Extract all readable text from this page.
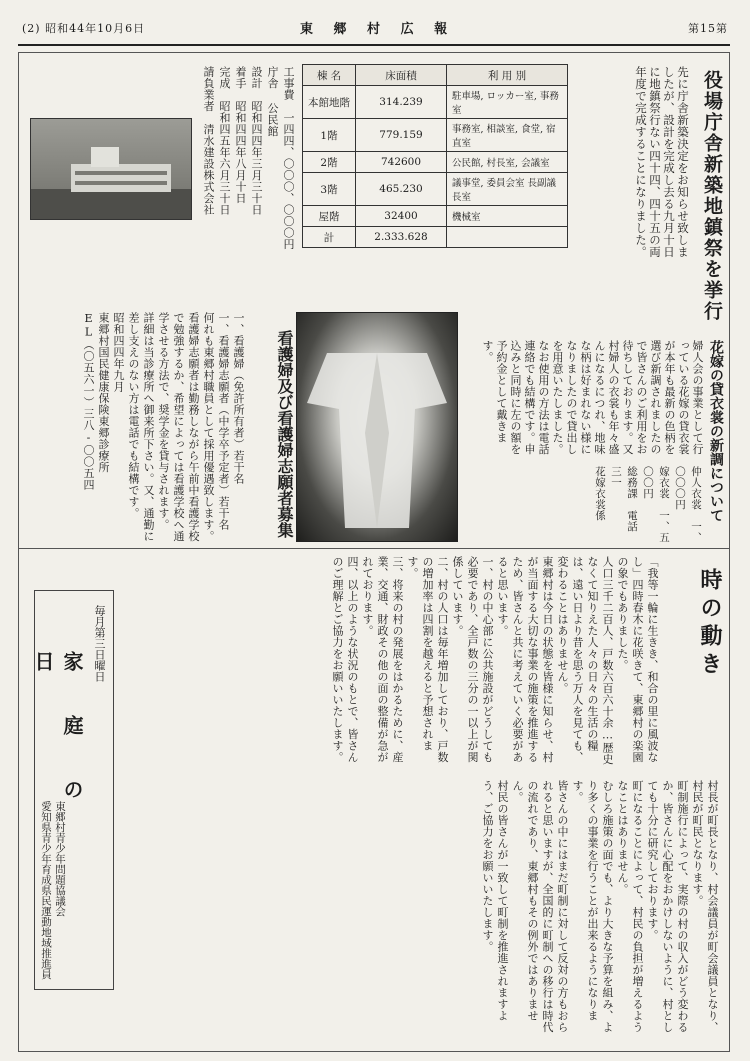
(2) 昭和44年10月6日	東 郷 村 広 報	第15第
役場庁舎新築地鎮祭を挙行
先に庁舎新築決定をお知らせ致しましたが、設計を完成し去る九月十日に地鎮祭行ない四十四、四十五の両年度で完成することになりました。
棟 名	床面積	利 用 別
本館地階	314.239	駐車場, ロッカー室, 事務室
1階	779.159	事務室, 相談室, 食堂, 宿直室
2階	742600	公民館, 村長室, 会議室
3階	465.230	議事堂, 委員会室 長副議長室
屋階	32400	機械室
計	2.333.628	
工事費　一四四、〇〇〇、〇〇〇円
庁舎 公民館
設計　昭和四四年三月三十日
着手　昭和四四年八月十日
完成　昭和四五年六月三十日
請負業者　清水建設株式会社
花嫁の貸衣裳の新調について
婦人会の事業として行っている花嫁の貸衣裳が本年も最新の色柄を選び新調されましたので皆さんのご利用をお待ちしております。又村婦人の衣裳も年々盛んになるにつれ、地味な柄は好まれない様になりましたので貸出しを用意いたしました。
なお使用の方法は電話連絡でも結構です。申込みと同時に左の額を予約金として戴きます。
仲人衣裳　一、〇〇〇円
嫁衣裳　一、五〇〇円
総務課　電話　三一
花嫁衣裳係
看護婦及び看護婦志願者募集
一、看護婦（免許所有者）若干名
一、看護婦志願者（中学卒予定者）若干名
何れも東郷村職員として採用優遇致します。
看護婦志願者は勤務しながら午前中看護学校で勉強するか、希望によっては看護学校へ通学させる方法で、奨学金を貸与されます。
詳細は当診療所へ御来所下さい。又、通勤に差し支えのない方は電話でも結構です。
昭和四四年九月
東郷村国民健康保険東郷診療所
EL（〇五六一）三八-〇〇五四
時の動き
「我等一輪に生きき、和合の里に風波なし」四時春木に花咲きて、東郷村の楽園の象でもありました。
人口三千二百人、戸数六百六十余…歴史なくて知りえた人々の日々の生活の糧は、遠い日より昔を思う万人を見ても、変わることはありません。
東郷村は今日の状態を皆様に知らせ、村が当面する大切な事業の施策を推進するため、皆さんと共に考えていく必要があると思います。
一、村の中心部に公共施設がどうしても必要であり、全戸数の三分の一以上が関係しています。
二、村の人口は毎年増加しており、戸数の増加率は四割を越えると予想されます。
三、将来の村の発展をはかるために、産業、交通、財政その他の面の整備が急がれております。
四、以上のような状況のもとで、皆さんのご理解とご協力をお願いいたします。
村長が町長となり、村会議員が町会議員となり、村民が町民となります。
町制施行によって、実際の村の収入がどう変わるか、皆さんに心配をおかけしないように、村としても十分に研究しております。
町になることによって、村民の負担が増えるようなことはありません。
むしろ施策の面でも、より大きな予算を組み、より多くの事業を行うことが出来るようになります。
皆さんの中にはまだ町制に対して反対の方もおられると思いますが、全国的に町制への移行は時代の流れであり、東郷村もその例外ではありません。
村民の皆さんが一致して町制を推進されますよう、ご協力をお願いいたします。
毎月第三日曜日
家 庭 の 日
東郷村青少年問題協議会
愛知県青少年育成県民運動地域推進員
